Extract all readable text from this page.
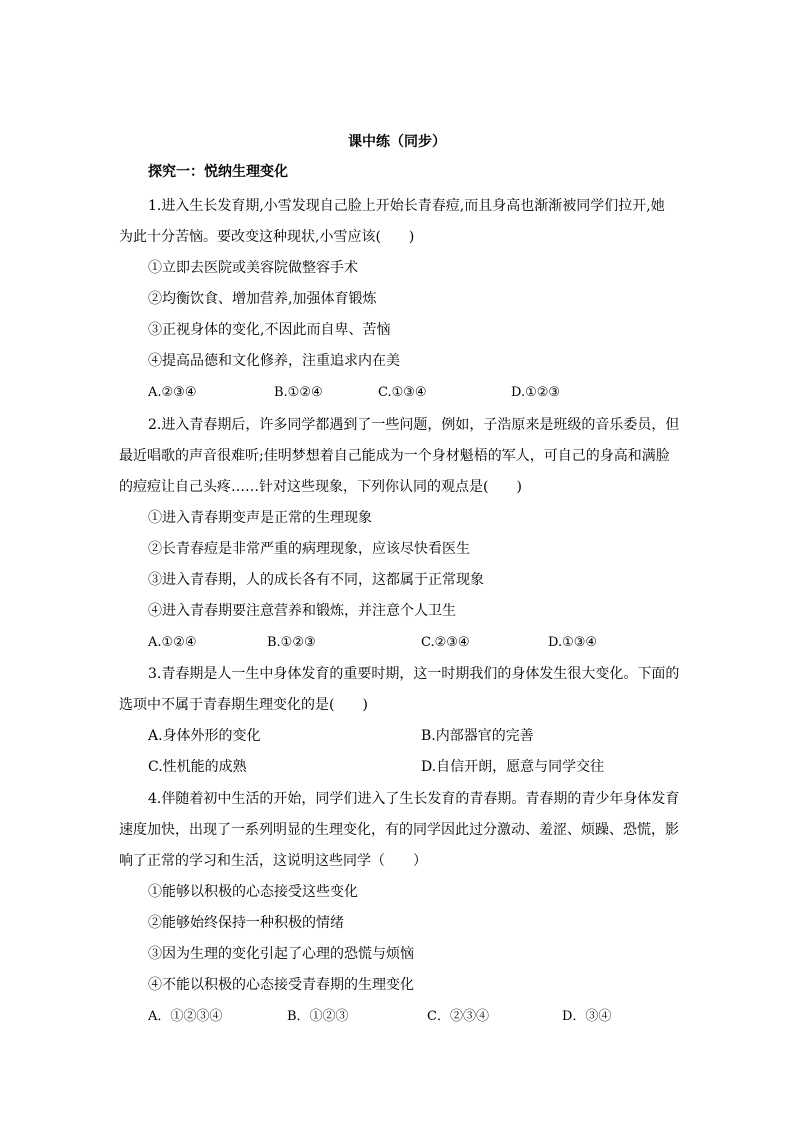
课中练（同步）
探究一：悦纳生理变化
1.进入生长发育期,小雪发现自己脸上开始长青春痘,而且身高也渐渐被同学们拉开,她
为此十分苦恼。要改变这种现状,小雪应该(　　)
①立即去医院或美容院做整容手术
②均衡饮食、增加营养,加强体育锻炼
③正视身体的变化,不因此而自卑、苦恼
④提高品德和文化修养，注重追求内在美
A.②③④	B.①②④	C.①③④	D.①②③
2.进入青春期后，许多同学都遇到了一些问题，例如，子浩原来是班级的音乐委员，但
最近唱歌的声音很难听;佳明梦想着自己能成为一个身材魁梧的军人，可自己的身高和满脸
的痘痘让自己头疼……针对这些现象，下列你认同的观点是(　　)
①进入青春期变声是正常的生理现象
②长青春痘是非常严重的病理现象，应该尽快看医生
③进入青春期，人的成长各有不同，这都属于正常现象
④进入青春期要注意营养和锻炼，并注意个人卫生
A.①②④	B.①②③	C.②③④	D.①③④
3.青春期是人一生中身体发育的重要时期，这一时期我们的身体发生很大变化。下面的
选项中不属于青春期生理变化的是(　　)
A.身体外形的变化	B.内部器官的完善
C.性机能的成熟	D.自信开朗，愿意与同学交往
4.伴随着初中生活的开始，同学们进入了生长发育的青春期。青春期的青少年身体发育
速度加快，出现了一系列明显的生理变化，有的同学因此过分激动、羞涩、烦躁、恐慌，影
响了正常的学习和生活，这说明这些同学（　　）
①能够以积极的心态接受这些变化
②能够始终保持一种积极的情绪
③因为生理的变化引起了心理的恐慌与烦恼
④不能以积极的心态接受青春期的生理变化
A．①②③④	B．①②③	C．②③④	D．③④
